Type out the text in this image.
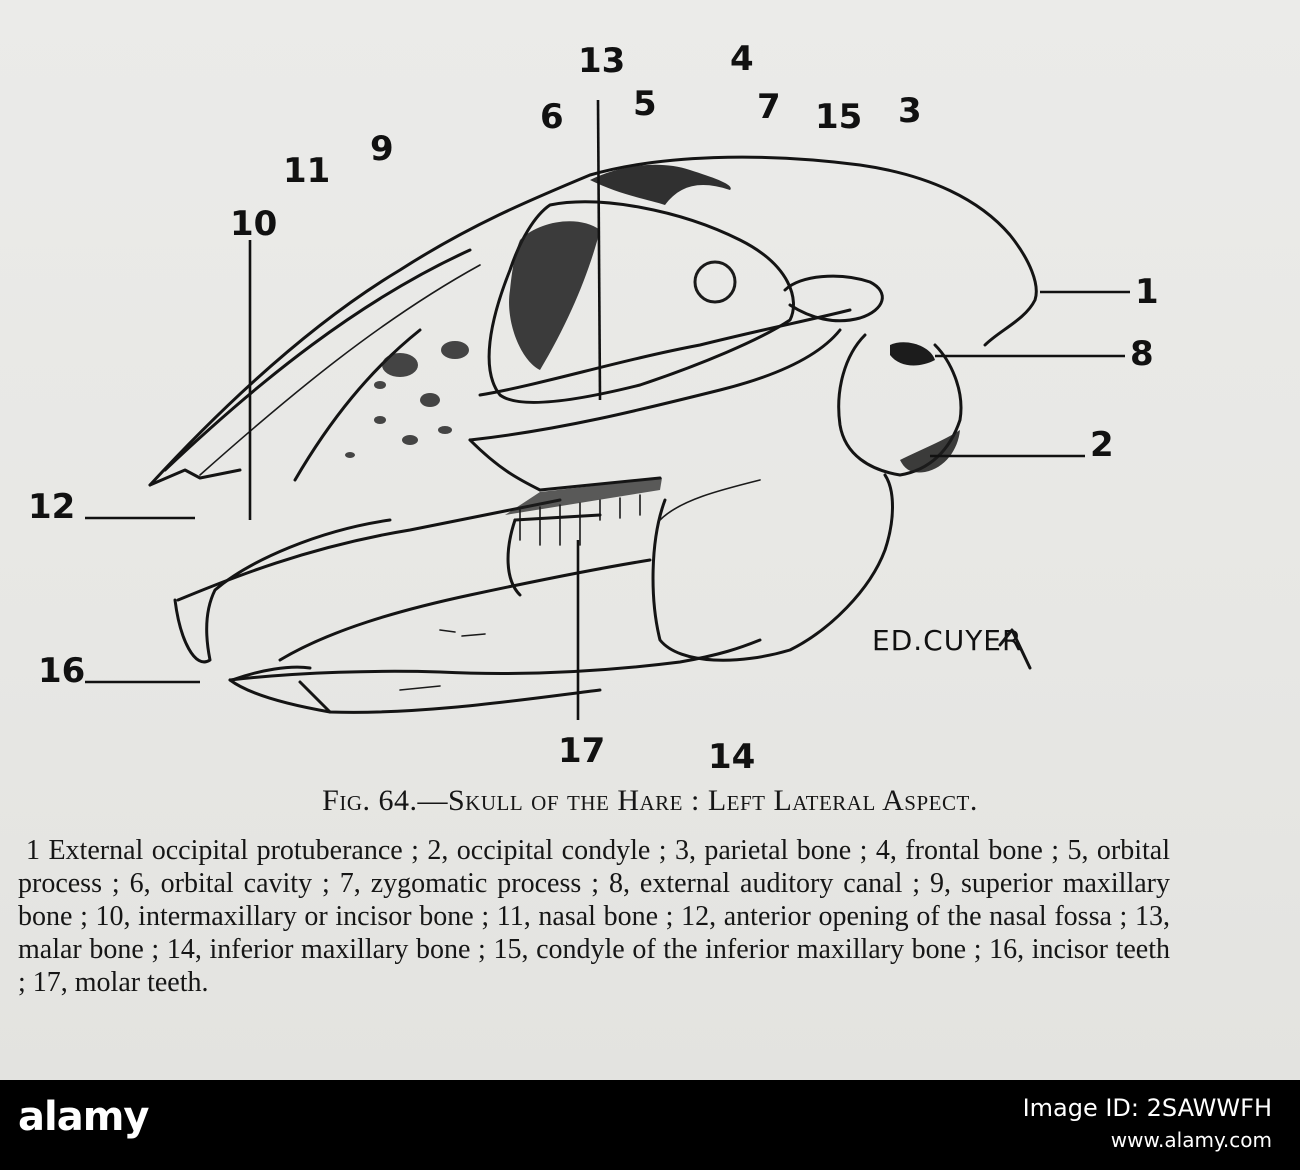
1
2
3
4
5
6	7
8
9
10
11
12
13
14
15
16
17
ED.CUYER
Fig. 64.—Skull of the Hare : Left Lateral Aspect.
1 External occipital protuberance ; 2, occipital condyle ; 3, parietal bone ; 4, frontal bone ; 5, orbital process ; 6, orbital cavity ; 7, zygomatic process ; 8, external auditory canal ; 9, superior maxillary bone ; 10, intermaxillary or incisor bone ; 11, nasal bone ; 12, anterior opening of the nasal fossa ; 13, malar bone ; 14, inferior maxillary bone ; 15, condyle of the inferior maxillary bone ; 16, incisor teeth ; 17, molar teeth.
alamy	Image ID: 2SAWWFH
www.alamy.com
